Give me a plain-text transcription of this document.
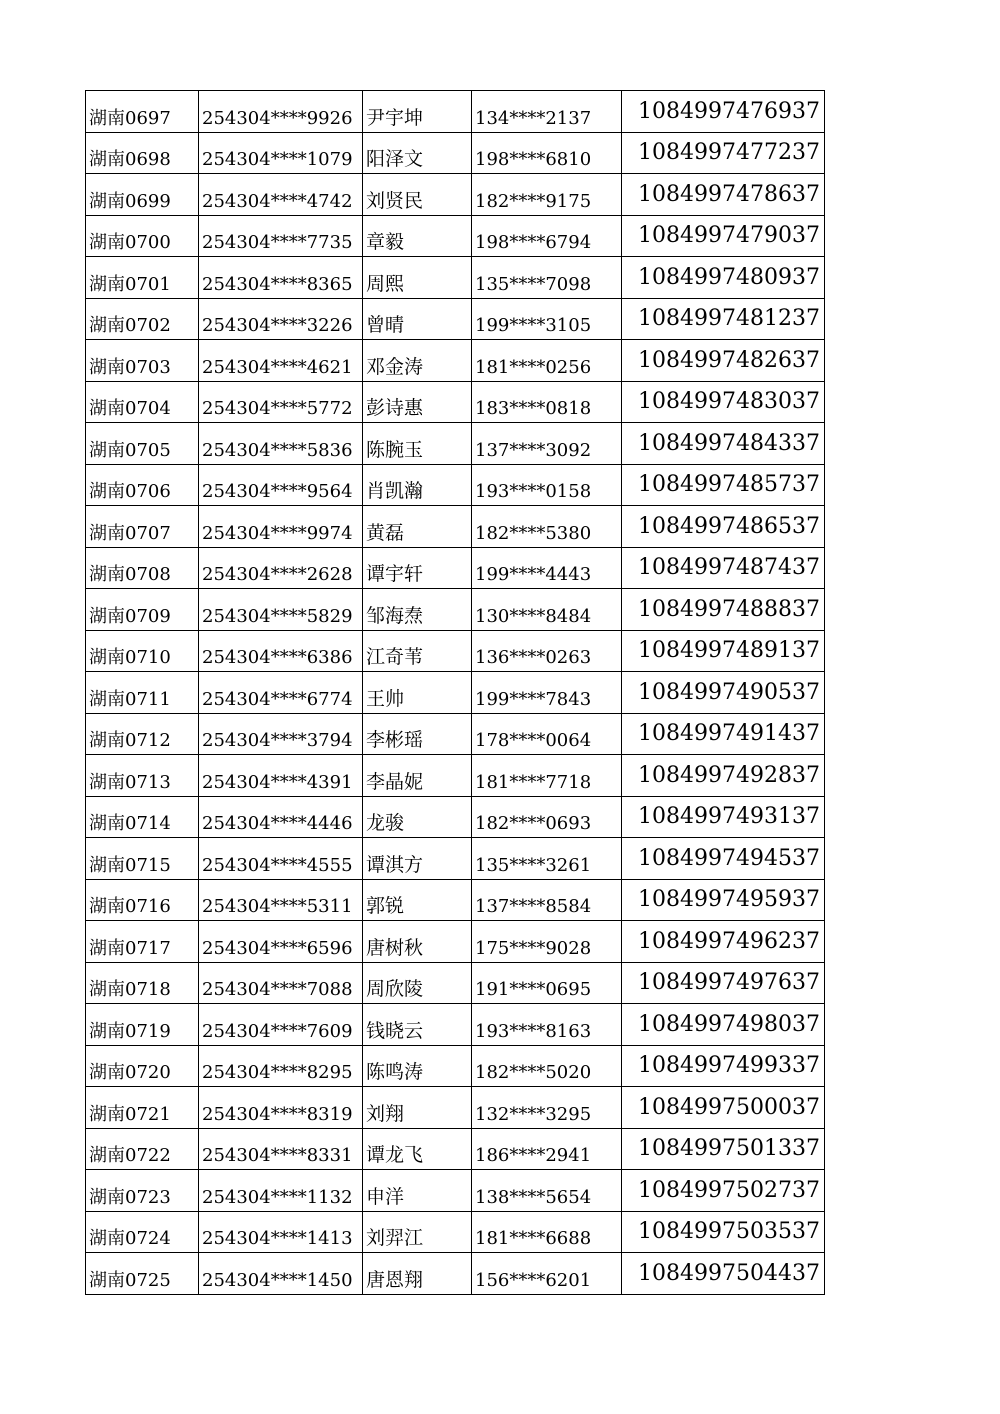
湖南0697	254304****9926	尹宇坤	134****2137	1084997476937
湖南0698	254304****1079	阳泽文	198****6810	1084997477237
湖南0699	254304****4742	刘贤民	182****9175	1084997478637
湖南0700	254304****7735	章毅	198****6794	1084997479037
湖南0701	254304****8365	周熙	135****7098	1084997480937
湖南0702	254304****3226	曾晴	199****3105	1084997481237
湖南0703	254304****4621	邓金涛	181****0256	1084997482637
湖南0704	254304****5772	彭诗惠	183****0818	1084997483037
湖南0705	254304****5836	陈腕玉	137****3092	1084997484337
湖南0706	254304****9564	肖凯瀚	193****0158	1084997485737
湖南0707	254304****9974	黄磊	182****5380	1084997486537
湖南0708	254304****2628	谭宇轩	199****4443	1084997487437
湖南0709	254304****5829	邹海焘	130****8484	1084997488837
湖南0710	254304****6386	江奇苇	136****0263	1084997489137
湖南0711	254304****6774	王帅	199****7843	1084997490537
湖南0712	254304****3794	李彬瑶	178****0064	1084997491437
湖南0713	254304****4391	李晶妮	181****7718	1084997492837
湖南0714	254304****4446	龙骏	182****0693	1084997493137
湖南0715	254304****4555	谭淇方	135****3261	1084997494537
湖南0716	254304****5311	郭锐	137****8584	1084997495937
湖南0717	254304****6596	唐树秋	175****9028	1084997496237
湖南0718	254304****7088	周欣陵	191****0695	1084997497637
湖南0719	254304****7609	钱晓云	193****8163	1084997498037
湖南0720	254304****8295	陈鸣涛	182****5020	1084997499337
湖南0721	254304****8319	刘翔	132****3295	1084997500037
湖南0722	254304****8331	谭龙飞	186****2941	1084997501337
湖南0723	254304****1132	申洋	138****5654	1084997502737
湖南0724	254304****1413	刘羿江	181****6688	1084997503537
湖南0725	254304****1450	唐恩翔	156****6201	1084997504437
